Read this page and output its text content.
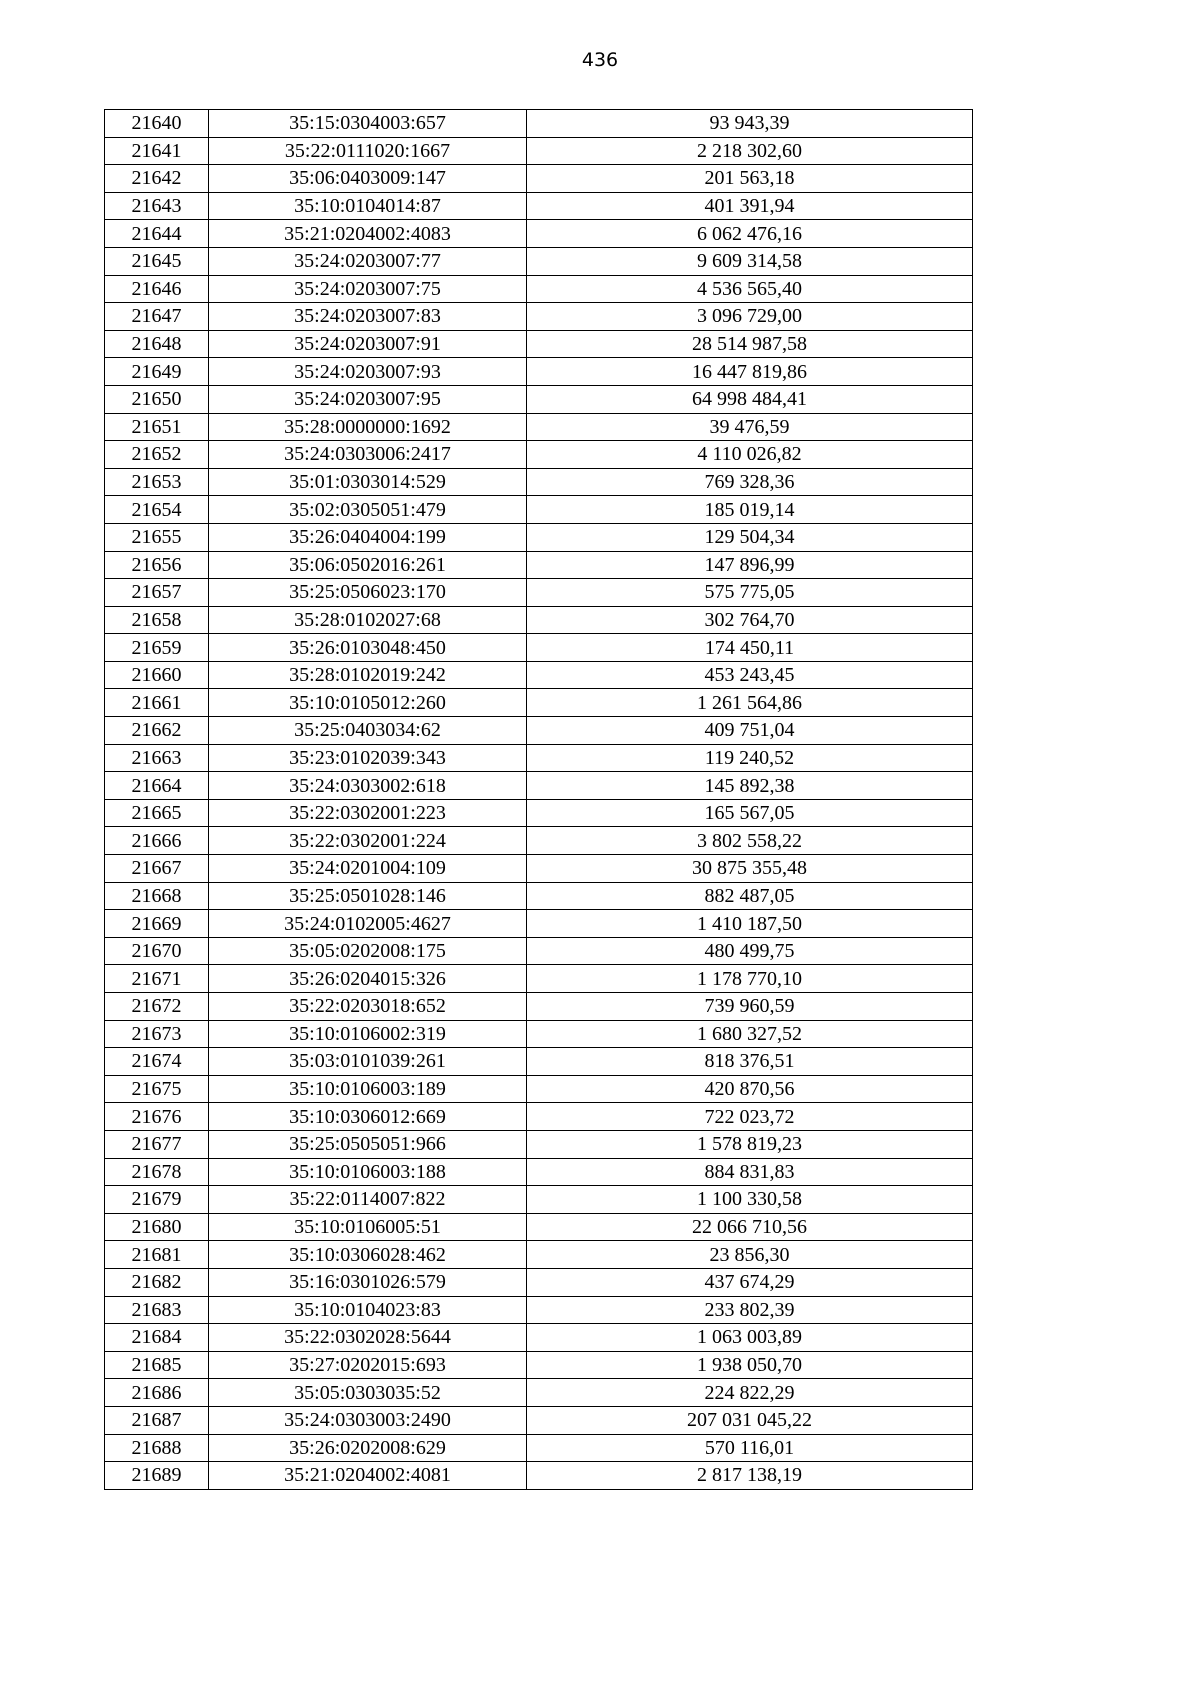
436
21640	35:15:0304003:657	93 943,39
21641	35:22:0111020:1667	2 218 302,60
21642	35:06:0403009:147	201 563,18
21643	35:10:0104014:87	401 391,94
21644	35:21:0204002:4083	6 062 476,16
21645	35:24:0203007:77	9 609 314,58
21646	35:24:0203007:75	4 536 565,40
21647	35:24:0203007:83	3 096 729,00
21648	35:24:0203007:91	28 514 987,58
21649	35:24:0203007:93	16 447 819,86
21650	35:24:0203007:95	64 998 484,41
21651	35:28:0000000:1692	39 476,59
21652	35:24:0303006:2417	4 110 026,82
21653	35:01:0303014:529	769 328,36
21654	35:02:0305051:479	185 019,14
21655	35:26:0404004:199	129 504,34
21656	35:06:0502016:261	147 896,99
21657	35:25:0506023:170	575 775,05
21658	35:28:0102027:68	302 764,70
21659	35:26:0103048:450	174 450,11
21660	35:28:0102019:242	453 243,45
21661	35:10:0105012:260	1 261 564,86
21662	35:25:0403034:62	409 751,04
21663	35:23:0102039:343	119 240,52
21664	35:24:0303002:618	145 892,38
21665	35:22:0302001:223	165 567,05
21666	35:22:0302001:224	3 802 558,22
21667	35:24:0201004:109	30 875 355,48
21668	35:25:0501028:146	882 487,05
21669	35:24:0102005:4627	1 410 187,50
21670	35:05:0202008:175	480 499,75
21671	35:26:0204015:326	1 178 770,10
21672	35:22:0203018:652	739 960,59
21673	35:10:0106002:319	1 680 327,52
21674	35:03:0101039:261	818 376,51
21675	35:10:0106003:189	420 870,56
21676	35:10:0306012:669	722 023,72
21677	35:25:0505051:966	1 578 819,23
21678	35:10:0106003:188	884 831,83
21679	35:22:0114007:822	1 100 330,58
21680	35:10:0106005:51	22 066 710,56
21681	35:10:0306028:462	23 856,30
21682	35:16:0301026:579	437 674,29
21683	35:10:0104023:83	233 802,39
21684	35:22:0302028:5644	1 063 003,89
21685	35:27:0202015:693	1 938 050,70
21686	35:05:0303035:52	224 822,29
21687	35:24:0303003:2490	207 031 045,22
21688	35:26:0202008:629	570 116,01
21689	35:21:0204002:4081	2 817 138,19
